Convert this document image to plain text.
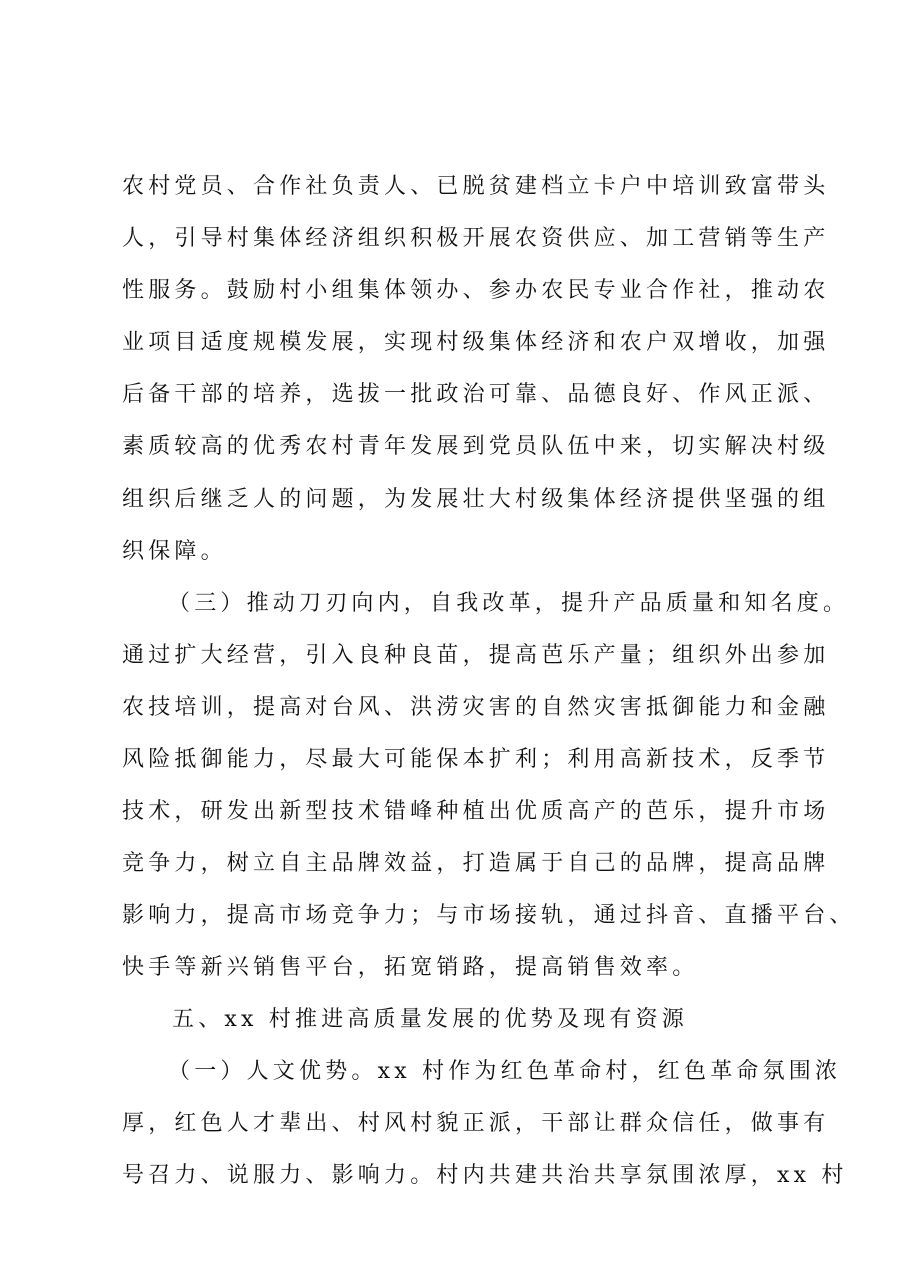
农村党员、合作社负责人、已脱贫建档立卡户中培训致富带头
人，引导村集体经济组织积极开展农资供应、加工营销等生产
性服务。鼓励村小组集体领办、参办农民专业合作社，推动农
业项目适度规模发展，实现村级集体经济和农户双增收，加强
后备干部的培养，选拔一批政治可靠、品德良好、作风正派、
素质较高的优秀农村青年发展到党员队伍中来，切实解决村级
组织后继乏人的问题，为发展壮大村级集体经济提供坚强的组
织保障。
（三）推动刀刃向内，自我改革，提升产品质量和知名度。
通过扩大经营，引入良种良苗，提高芭乐产量；组织外出参加
农技培训，提高对台风、洪涝灾害的自然灾害抵御能力和金融
风险抵御能力，尽最大可能保本扩利；利用高新技术，反季节
技术，研发出新型技术错峰种植出优质高产的芭乐，提升市场
竞争力，树立自主品牌效益，打造属于自己的品牌，提高品牌
影响力，提高市场竞争力；与市场接轨，通过抖音、直播平台、
快手等新兴销售平台，拓宽销路，提高销售效率。
五、xx 村推进高质量发展的优势及现有资源
（一）人文优势。xx 村作为红色革命村，红色革命氛围浓
厚，红色人才辈出、村风村貌正派，干部让群众信任，做事有
号召力、说服力、影响力。村内共建共治共享氛围浓厚，xx 村
